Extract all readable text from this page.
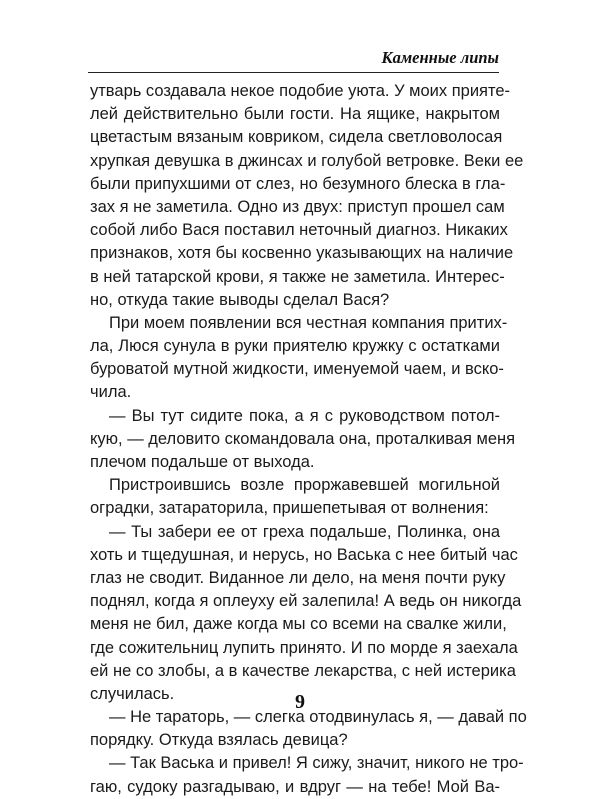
Каменные липы
утварь создавала некое подобие уюта. У моих прияте-
лей действительно были гости. На ящике, накрытом
цветастым вязаным ковриком, сидела светловолосая
хрупкая девушка в джинсах и голубой ветровке. Веки ее
были припухшими от слез, но безумного блеска в гла-
зах я не заметила. Одно из двух: приступ прошел сам
собой либо Вася поставил неточный диагноз. Никаких
признаков, хотя бы косвенно указывающих на наличие
в ней татарской крови, я также не заметила. Интерес-
но, откуда такие выводы сделал Вася?
При моем появлении вся честная компания притих-
ла, Люся сунула в руки приятелю кружку с остатками
буроватой мутной жидкости, именуемой чаем, и вско-
чила.
— Вы тут сидите пока, а я с руководством потол-
кую, — деловито скомандовала она, проталкивая меня
плечом подальше от выхода.
Пристроившись возле проржавевшей могильной
оградки, затараторила, пришепетывая от волнения:
— Ты забери ее от греха подальше, Полинка, она
хоть и тщедушная, и нерусь, но Васька с нее битый час
глаз не сводит. Виданное ли дело, на меня почти руку
поднял, когда я оплеуху ей залепила! А ведь он никогда
меня не бил, даже когда мы со всеми на свалке жили,
где сожительниц лупить принято. И по морде я заехала
ей не со злобы, а в качестве лекарства, с ней истерика
случилась.
— Не тараторь, — слегка отодвинулась я, — давай по
порядку. Откуда взялась девица?
— Так Васька и привел! Я сижу, значит, никого не тро-
гаю, судоку разгадываю, и вдруг — на тебе! Мой Ва-
9
